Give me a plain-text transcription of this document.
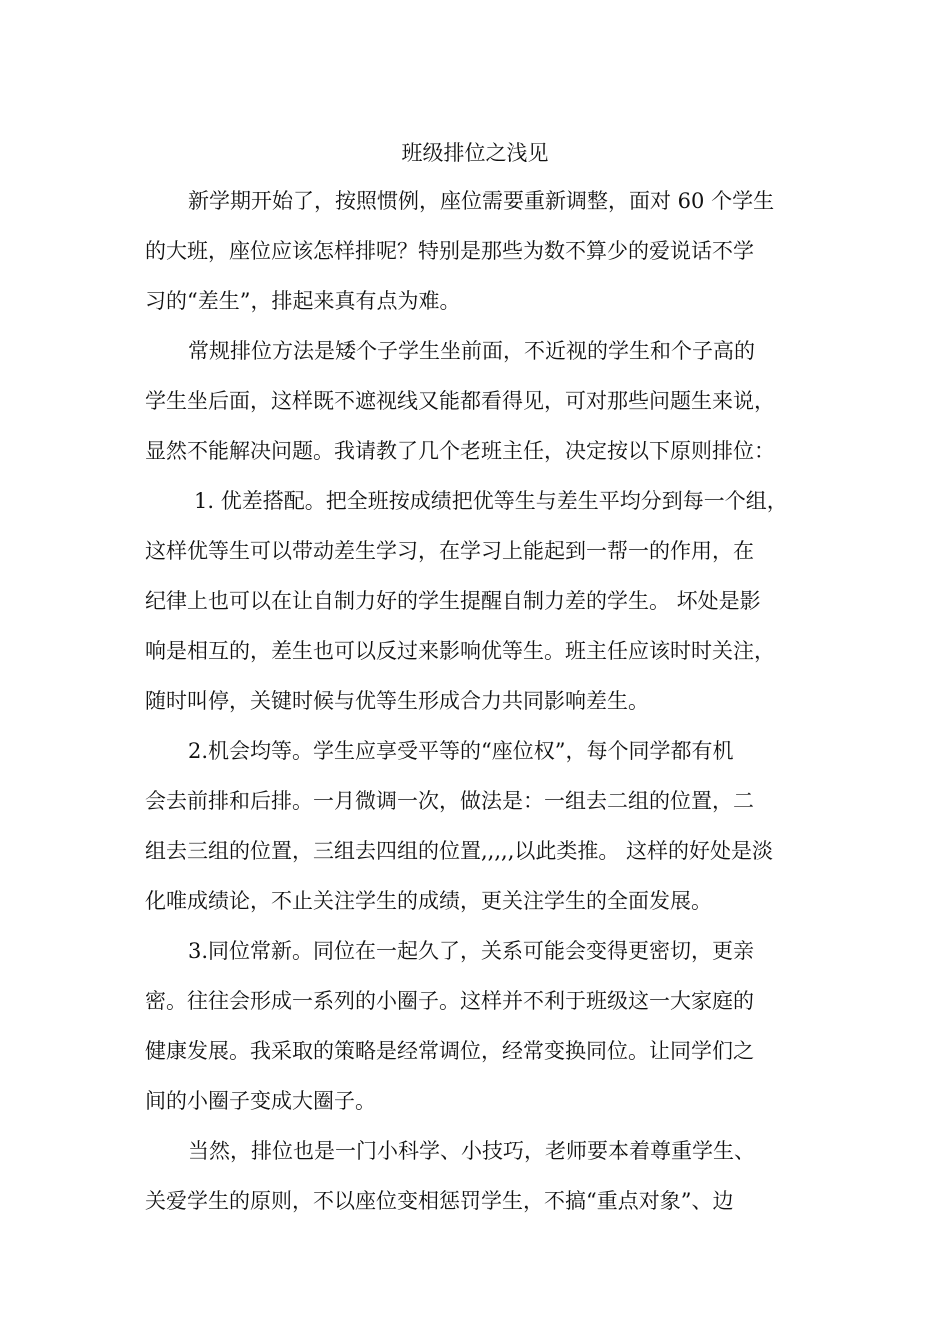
班级排位之浅见

新学期开始了，按照惯例，座位需要重新调整，面对 60 个学生

的大班，座位应该怎样排呢？特别是那些为数不算少的爱说话不学

习的“差生”，排起来真有点为难。

常规排位方法是矮个子学生坐前面，不近视的学生和个子高的

学生坐后面，这样既不遮视线又能都看得见，可对那些问题生来说，

显然不能解决问题。我请教了几个老班主任，决定按以下原则排位：

1. 优差搭配。把全班按成绩把优等生与差生平均分到每一个组，

这样优等生可以带动差生学习，在学习上能起到一帮一的作用，在

纪律上也可以在让自制力好的学生提醒自制力差的学生。 坏处是影

响是相互的，差生也可以反过来影响优等生。班主任应该时时关注，

随时叫停，关键时候与优等生形成合力共同影响差生。

2.机会均等。学生应享受平等的“座位权”，每个同学都有机

会去前排和后排。一月微调一次，做法是：一组去二组的位置，二

组去三组的位置，三组去四组的位置,,,,,以此类推。 这样的好处是淡

化唯成绩论，不止关注学生的成绩，更关注学生的全面发展。

3.同位常新。同位在一起久了，关系可能会变得更密切，更亲

密。往往会形成一系列的小圈子。这样并不利于班级这一大家庭的

健康发展。我采取的策略是经常调位，经常变换同位。让同学们之

间的小圈子变成大圈子。

当然，排位也是一门小科学、小技巧，老师要本着尊重学生、

关爱学生的原则，不以座位变相惩罚学生，不搞“重点对象”、边
